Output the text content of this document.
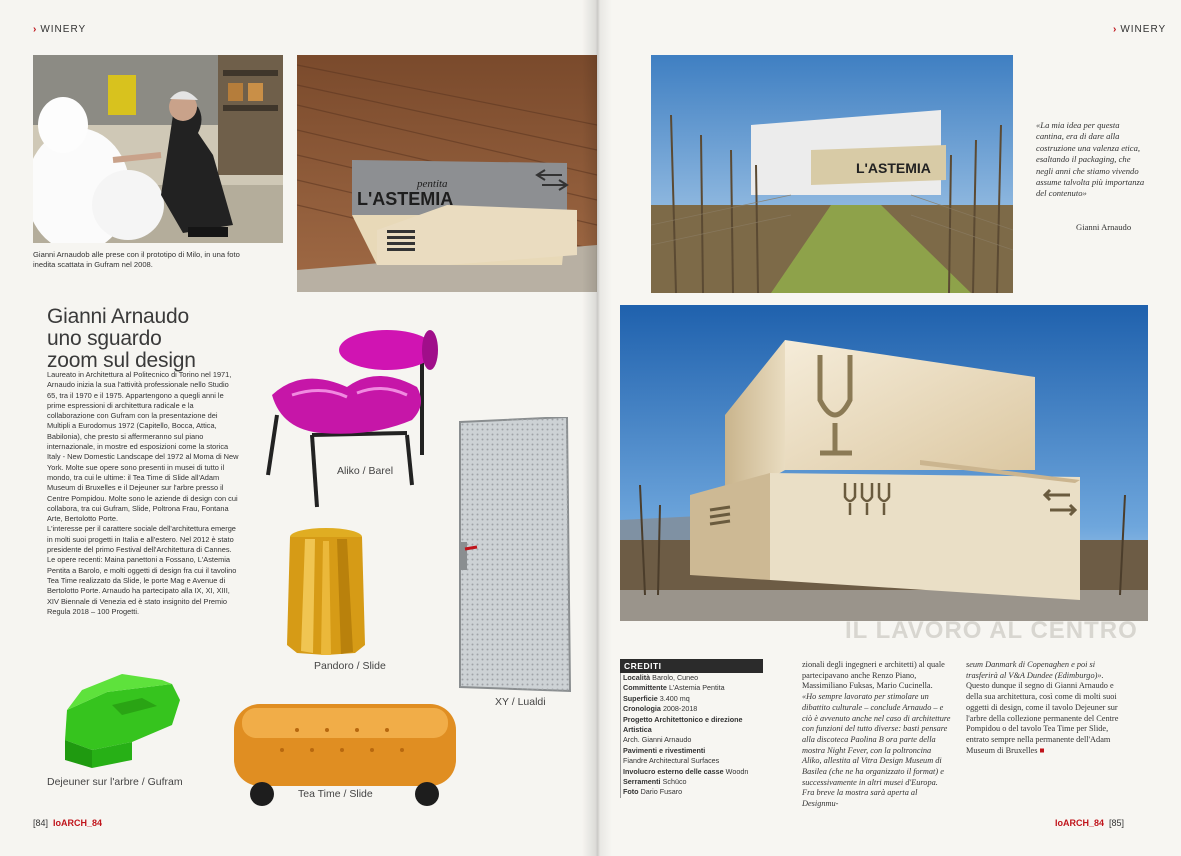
› WINERY
Gianni Arnaudob alle prese con il prototipo di Milo, in una foto inedita scattata in Gufram nel 2008.
L'ASTEMIA
pentita
Gianni Arnaudo
uno sguardo
zoom sul design

Laureato in Architettura al Politecnico di Torino nel 1971, Arnaudo inizia la sua l'attività professionale nello Studio 65, tra il 1970 e il 1975. Appartengono a quegli anni le prime espressioni di architettura radicale e la collaborazione con Gufram con la presentazione dei Multipli a Eurodomus 1972 (Capitello, Bocca, Attica, Babilonia), che presto si affermeranno sul piano internazionale, in mostre ed esposizioni come la storica Italy - New Domestic Landscape del 1972 al Moma di New York. Molte sue opere sono presenti in musei di tutto il mondo, tra cui le ultime: il Tea Time di Slide all'Adam Museum di Bruxelles e il Dejeuner sur l'arbre presso il Centre Pompidou. Molte sono le aziende di design con cui collabora, tra cui Gufram, Slide, Poltrona Frau, Fontana Arte, Bertolotto Porte.

L'interesse per il carattere sociale dell'architettura emerge in molti suoi progetti in Italia e all'estero. Nel 2012 è stato presidente del primo Festival dell'Architettura di Cannes.

Le opere recenti: Maina panettoni a Fossano, L'Astemia Pentita a Barolo, e molti oggetti di design fra cui il tavolino Tea Time realizzato da Slide, le porte Mag e Avenue di Bertolotto Porte. Arnaudo ha partecipato alla IX, XI, XIII, XIV Biennale di Venezia ed è stato insignito del Premio Regula 2018 – 100 Progetti.

Aliko / Barel
XY / Lualdi
Pandoro / Slide
Dejeuner sur l'arbre / Gufram
Tea Time / Slide
[84]  IoARCH_84
› WINERY
L'ASTEMIA
«La mia idea per questa cantina, era di dare alla costruzione una valenza etica, esaltando il packaging, che negli anni che stiamo vivendo assume talvolta più importanza del contenuto»
Gianni Arnaudo
IL LAVORO AL CENTRO
CREDITI
Località Barolo, Cuneo
Committente L'Astemia Pentita
Superficie 3.400 mq
Cronologia 2008-2018
Progetto Architettonico e direzione Artistica
Arch. Gianni Arnaudo
Pavimenti e rivestimenti
Fiandre Architectural Surfaces
Involucro esterno delle casse Woodn
Serramenti Schüco
Foto Dario Fusaro

zionali degli ingegneri e architetti) al quale partecipavano anche Renzo Piano, Massimiliano Fuksas, Mario Cucinella.

«Ho sempre lavorato per stimolare un dibattito culturale – conclude Arnaudo – e ciò è avvenuto anche nel caso di architetture con funzioni del tutto diverse: basti pensare alla discoteca Paolina B ora parte della mostra Night Fever, con la poltroncina Aliko, allestita al Vitra Design Museum di Basilea (che ne ha organizzato il format) e successivamente in altri musei d'Europa.

Fra breve la mostra sarà aperta al Designmu-

seum Danmark di Copenaghen e poi si trasferirà al V&A Dundee (Edimburgo)».

Questo dunque il segno di Gianni Arnaudo e della sua architettura, così come di molti suoi oggetti di design, come il tavolo Dejeuner sur l'arbre della collezione permanente del Centre Pompidou o del tavolo Tea Time per Slide, entrato sempre nella permanente dell'Adam Museum di Bruxelles ■

IoARCH_84  [85]
